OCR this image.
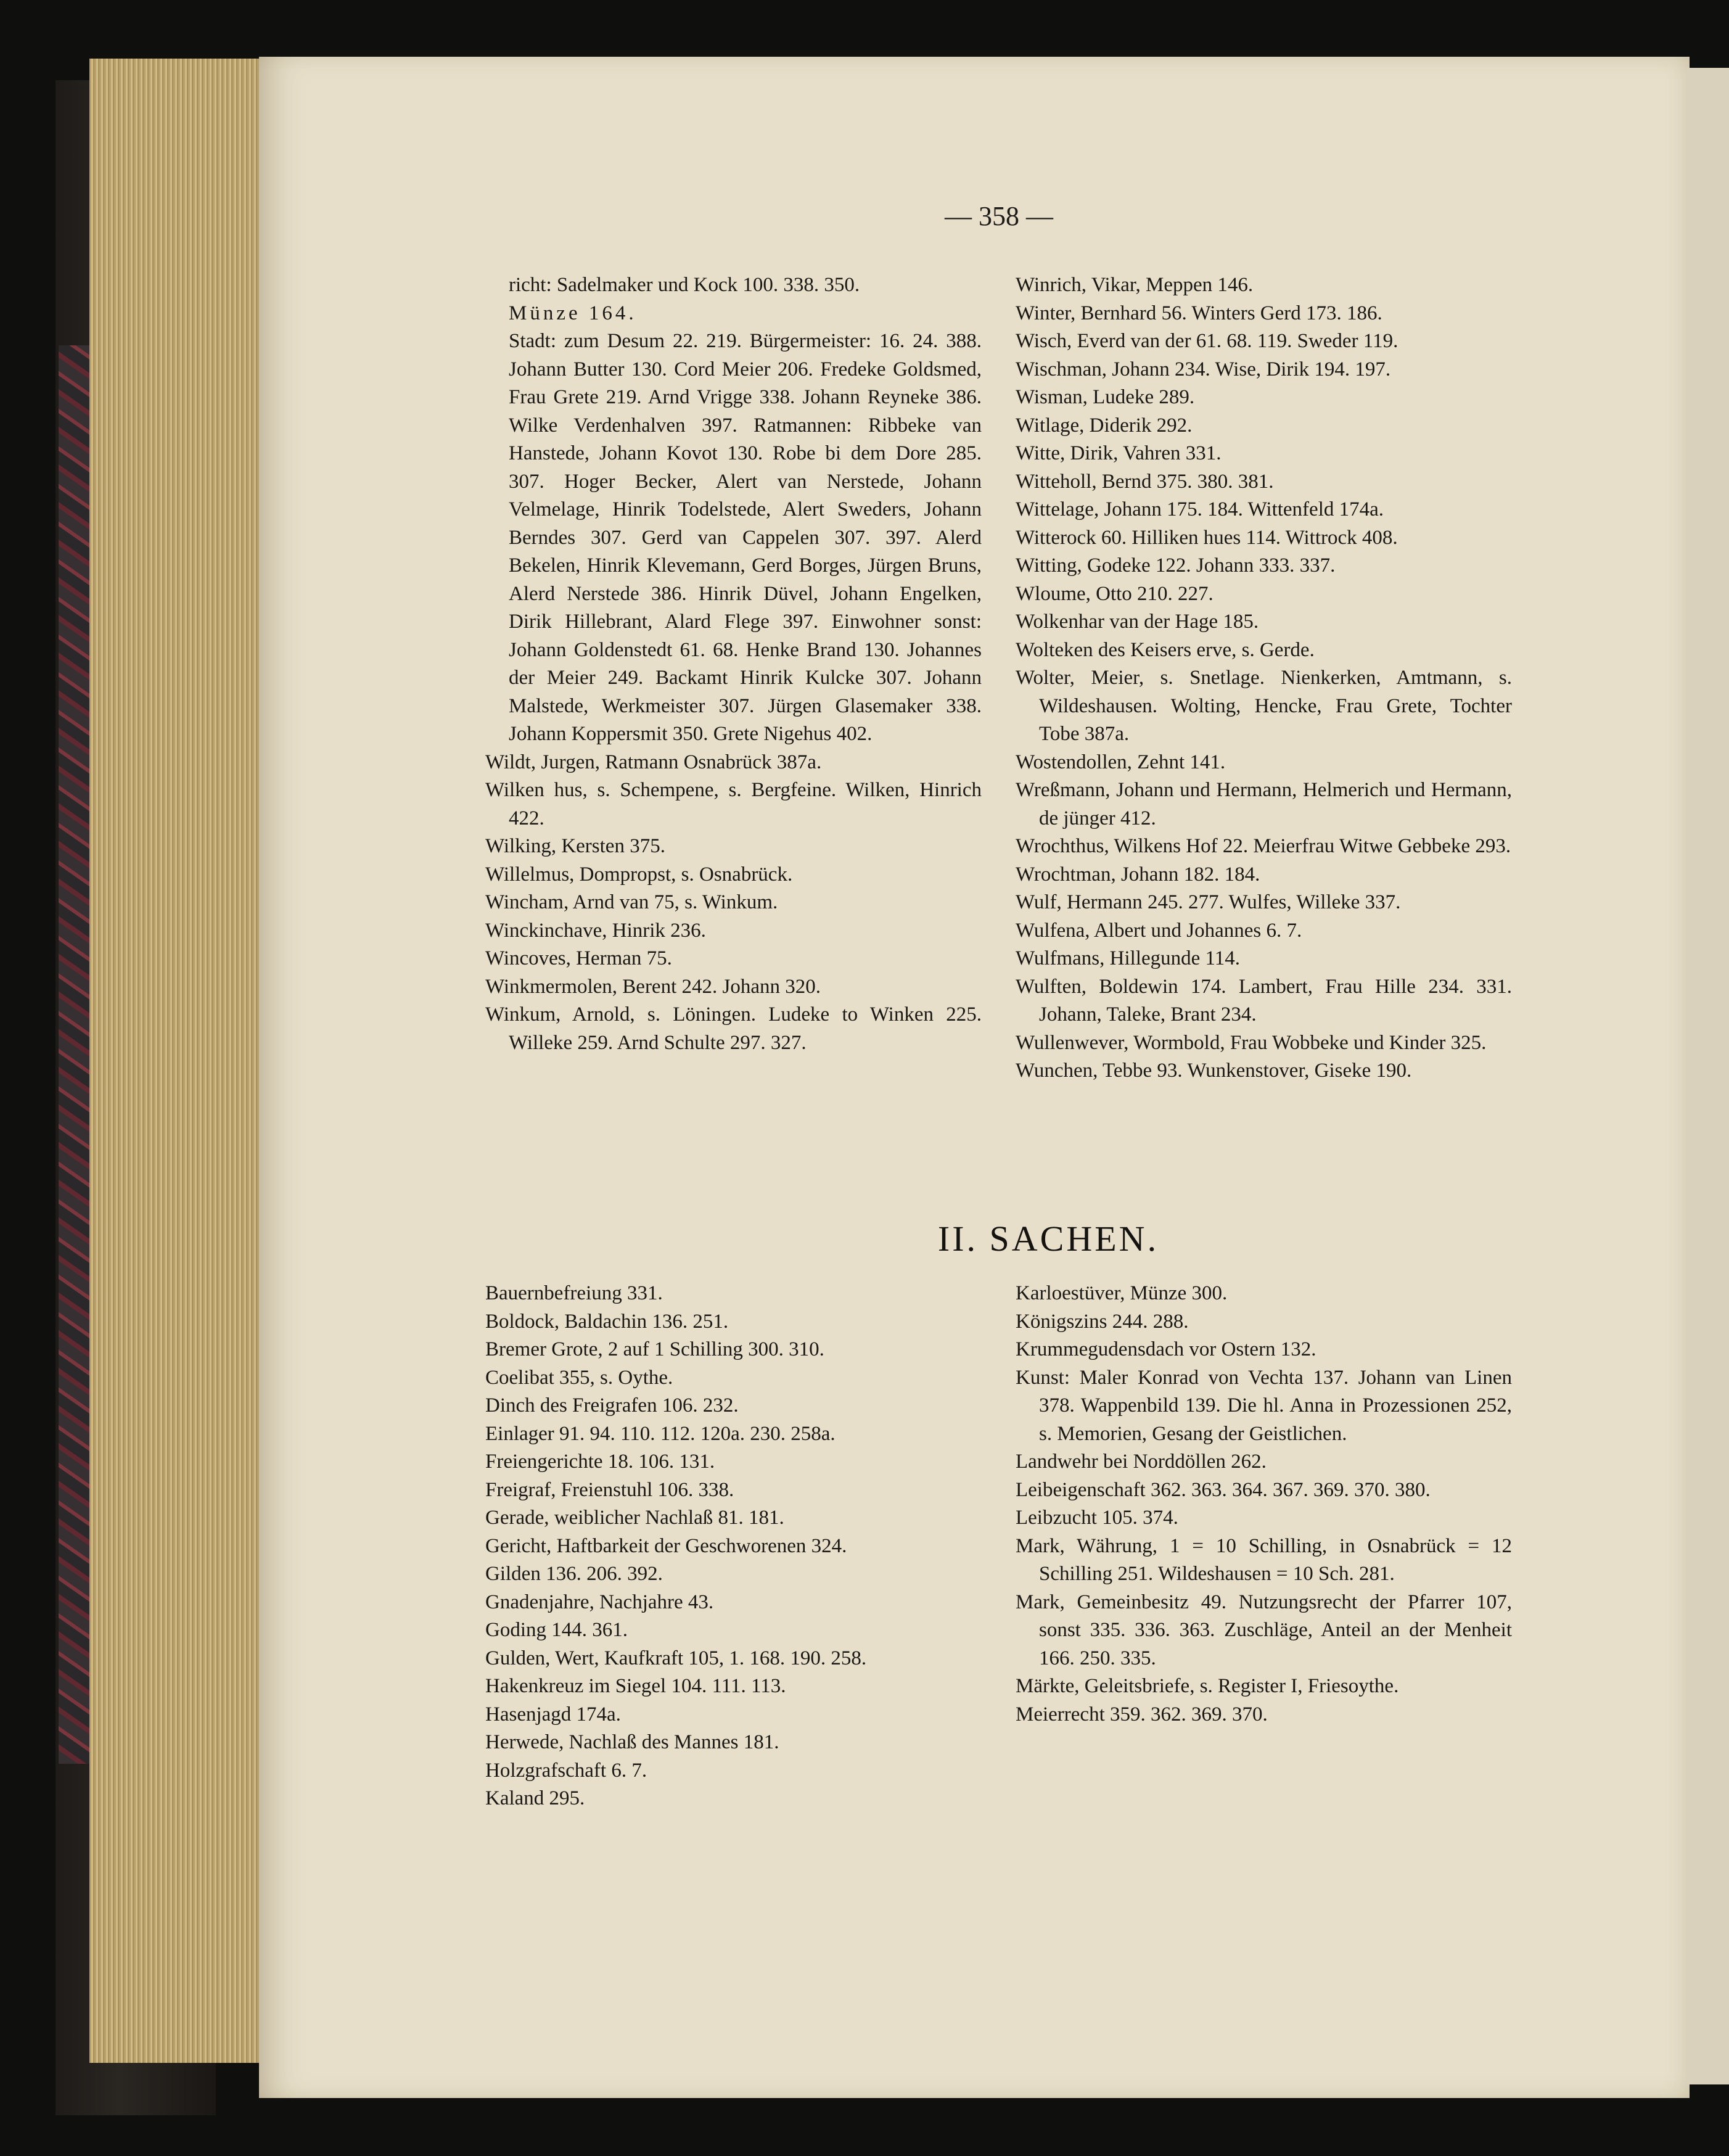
— 358 —

richt: Sadelmaker und Kock 100. 338. 350.

Münze 164.

Stadt: zum Desum 22. 219. Bürgermeister: 16. 24. 388. Johann Butter 130. Cord Meier 206. Fredeke Goldsmed, Frau Grete 219. Arnd Vrigge 338. Johann Reyneke 386. Wilke Verdenhalven 397. Ratmannen: Ribbeke van Hanstede, Johann Kovot 130. Robe bi dem Dore 285. 307. Hoger Becker, Alert van Nerstede, Johann Velmelage, Hinrik Todelstede, Alert Sweders, Johann Berndes 307. Gerd van Cappelen 307. 397. Alerd Bekelen, Hinrik Klevemann, Gerd Borges, Jürgen Bruns, Alerd Nerstede 386. Hinrik Düvel, Johann Engelken, Dirik Hillebrant, Alard Flege 397. Einwohner sonst: Johann Goldenstedt 61. 68. Henke Brand 130. Johannes der Meier 249. Backamt Hinrik Kulcke 307. Johann Malstede, Werkmeister 307. Jürgen Glasemaker 338. Johann Koppersmit 350. Grete Nigehus 402.

Wildt, Jurgen, Ratmann Osnabrück 387a.

Wilken hus, s. Schempene, s. Bergfeine. Wilken, Hinrich 422.

Wilking, Kersten 375.

Willelmus, Dompropst, s. Osnabrück.

Wincham, Arnd van 75, s. Winkum.

Winckinchave, Hinrik 236.

Wincoves, Herman 75.

Winkmermolen, Berent 242. Johann 320.

Winkum, Arnold, s. Löningen. Ludeke to Winken 225. Willeke 259. Arnd Schulte 297. 327.

Winrich, Vikar, Meppen 146.

Winter, Bernhard 56. Winters Gerd 173. 186.

Wisch, Everd van der 61. 68. 119. Sweder 119.

Wischman, Johann 234. Wise, Dirik 194. 197.

Wisman, Ludeke 289.

Witlage, Diderik 292.

Witte, Dirik, Vahren 331.

Witteholl, Bernd 375. 380. 381.

Wittelage, Johann 175. 184. Wittenfeld 174a.

Witterock 60. Hilliken hues 114. Wittrock 408.

Witting, Godeke 122. Johann 333. 337.

Wloume, Otto 210. 227.

Wolkenhar van der Hage 185.

Wolteken des Keisers erve, s. Gerde.

Wolter, Meier, s. Snetlage. Nienkerken, Amtmann, s. Wildeshausen. Wolting, Hencke, Frau Grete, Tochter Tobe 387a.

Wostendollen, Zehnt 141.

Wreßmann, Johann und Hermann, Helmerich und Hermann, de jünger 412.

Wrochthus, Wilkens Hof 22. Meierfrau Witwe Gebbeke 293.

Wrochtman, Johann 182. 184.

Wulf, Hermann 245. 277. Wulfes, Willeke 337.

Wulfena, Albert und Johannes 6. 7.

Wulfmans, Hillegunde 114.

Wulften, Boldewin 174. Lambert, Frau Hille 234. 331. Johann, Taleke, Brant 234.

Wullenwever, Wormbold, Frau Wobbeke und Kinder 325.

Wunchen, Tebbe 93. Wunkenstover, Giseke 190.

II. SACHEN.

Bauernbefreiung 331.

Boldock, Baldachin 136. 251.

Bremer Grote, 2 auf 1 Schilling 300. 310.

Coelibat 355, s. Oythe.

Dinch des Freigrafen 106. 232.

Einlager 91. 94. 110. 112. 120a. 230. 258a.

Freiengerichte 18. 106. 131.

Freigraf, Freienstuhl 106. 338.

Gerade, weiblicher Nachlaß 81. 181.

Gericht, Haftbarkeit der Geschworenen 324.

Gilden 136. 206. 392.

Gnadenjahre, Nachjahre 43.

Goding 144. 361.

Gulden, Wert, Kaufkraft 105, 1. 168. 190. 258.

Hakenkreuz im Siegel 104. 111. 113.

Hasenjagd 174a.

Herwede, Nachlaß des Mannes 181.

Holzgrafschaft 6. 7.

Kaland 295.

Karloestüver, Münze 300.

Königszins 244. 288.

Krummegudensdach vor Ostern 132.

Kunst: Maler Konrad von Vechta 137. Johann van Linen 378. Wappenbild 139. Die hl. Anna in Prozessionen 252, s. Memorien, Gesang der Geistlichen.

Landwehr bei Norddöllen 262.

Leibeigenschaft 362. 363. 364. 367. 369. 370. 380.

Leibzucht 105. 374.

Mark, Währung, 1 = 10 Schilling, in Osnabrück = 12 Schilling 251. Wildeshausen = 10 Sch. 281.

Mark, Gemeinbesitz 49. Nutzungsrecht der Pfarrer 107, sonst 335. 336. 363. Zuschläge, Anteil an der Menheit 166. 250. 335.

Märkte, Geleitsbriefe, s. Register I, Friesoythe.

Meierrecht 359. 362. 369. 370.
